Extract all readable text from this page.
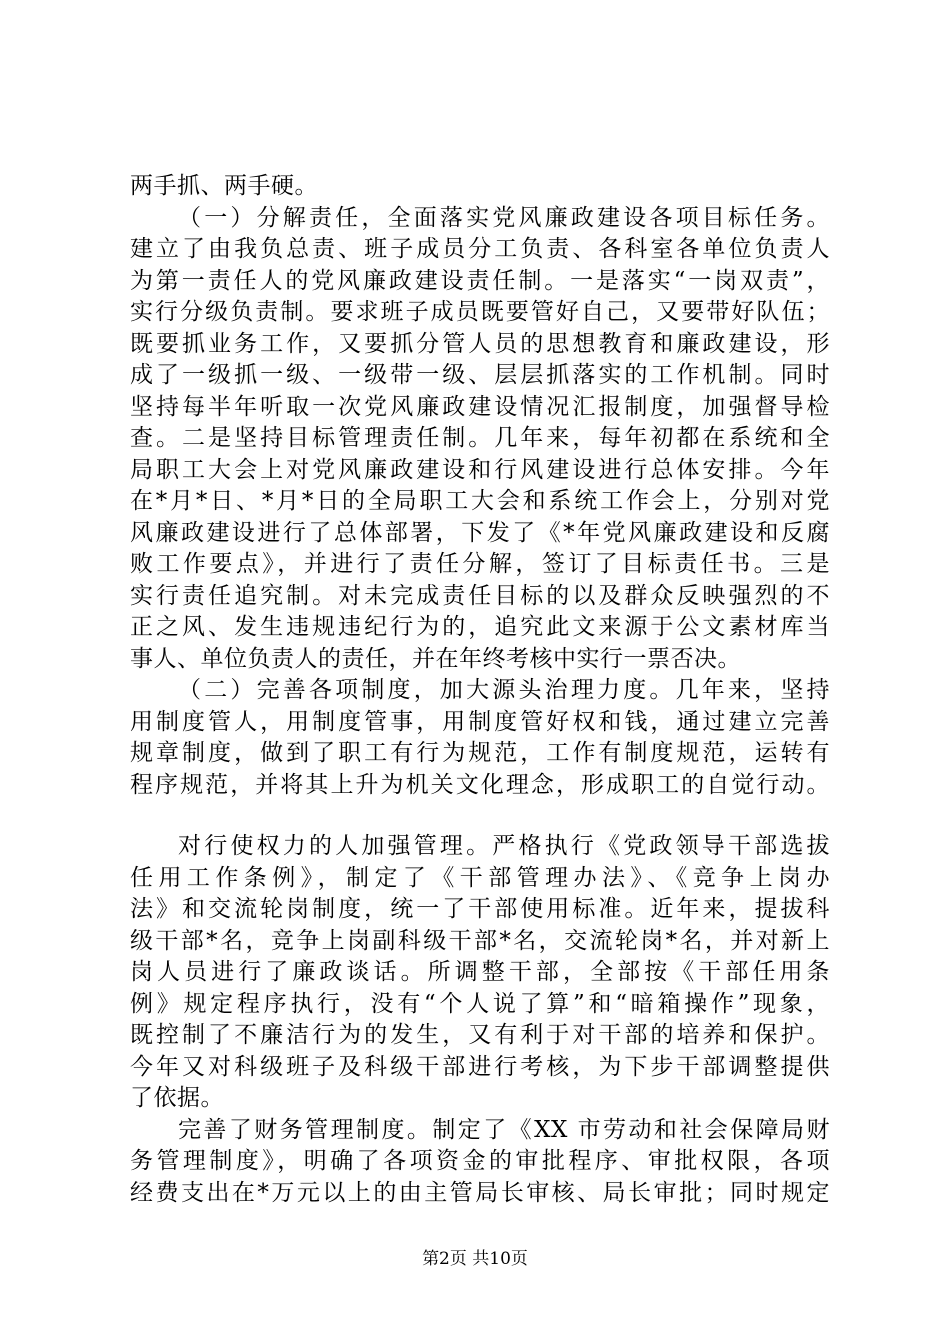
两手抓、两手硬。
（一）分解责任，全面落实党风廉政建设各项目标任务。
建立了由我负总责、班子成员分工负责、各科室各单位负责人
为第一责任人的党风廉政建设责任制。一是落实“一岗双责”，
实行分级负责制。要求班子成员既要管好自己，又要带好队伍；
既要抓业务工作，又要抓分管人员的思想教育和廉政建设，形
成了一级抓一级、一级带一级、层层抓落实的工作机制。同时
坚持每半年听取一次党风廉政建设情况汇报制度，加强督导检
查。二是坚持目标管理责任制。几年来，每年初都在系统和全
局职工大会上对党风廉政建设和行风建设进行总体安排。今年
在*月*日、*月*日的全局职工大会和系统工作会上，分别对党
风廉政建设进行了总体部署，下发了《*年党风廉政建设和反腐
败工作要点》，并进行了责任分解，签订了目标责任书。三是
实行责任追究制。对未完成责任目标的以及群众反映强烈的不
正之风、发生违规违纪行为的，追究此文来源于公文素材库当
事人、单位负责人的责任，并在年终考核中实行一票否决。
（二）完善各项制度，加大源头治理力度。几年来，坚持
用制度管人，用制度管事，用制度管好权和钱，通过建立完善
规章制度，做到了职工有行为规范，工作有制度规范，运转有
程序规范，并将其上升为机关文化理念，形成职工的自觉行动。
对行使权力的人加强管理。严格执行《党政领导干部选拔
任用工作条例》，制定了《干部管理办法》、《竞争上岗办
法》和交流轮岗制度，统一了干部使用标准。近年来，提拔科
级干部*名，竞争上岗副科级干部*名，交流轮岗*名，并对新上
岗人员进行了廉政谈话。所调整干部，全部按《干部任用条
例》规定程序执行，没有“个人说了算”和“暗箱操作”现象，
既控制了不廉洁行为的发生，又有利于对干部的培养和保护。
今年又对科级班子及科级干部进行考核，为下步干部调整提供
了依据。
完善了财务管理制度。制定了《XX 市劳动和社会保障局财
务管理制度》，明确了各项资金的审批程序、审批权限，各项
经费支出在*万元以上的由主管局长审核、局长审批；同时规定
第2页 共10页
